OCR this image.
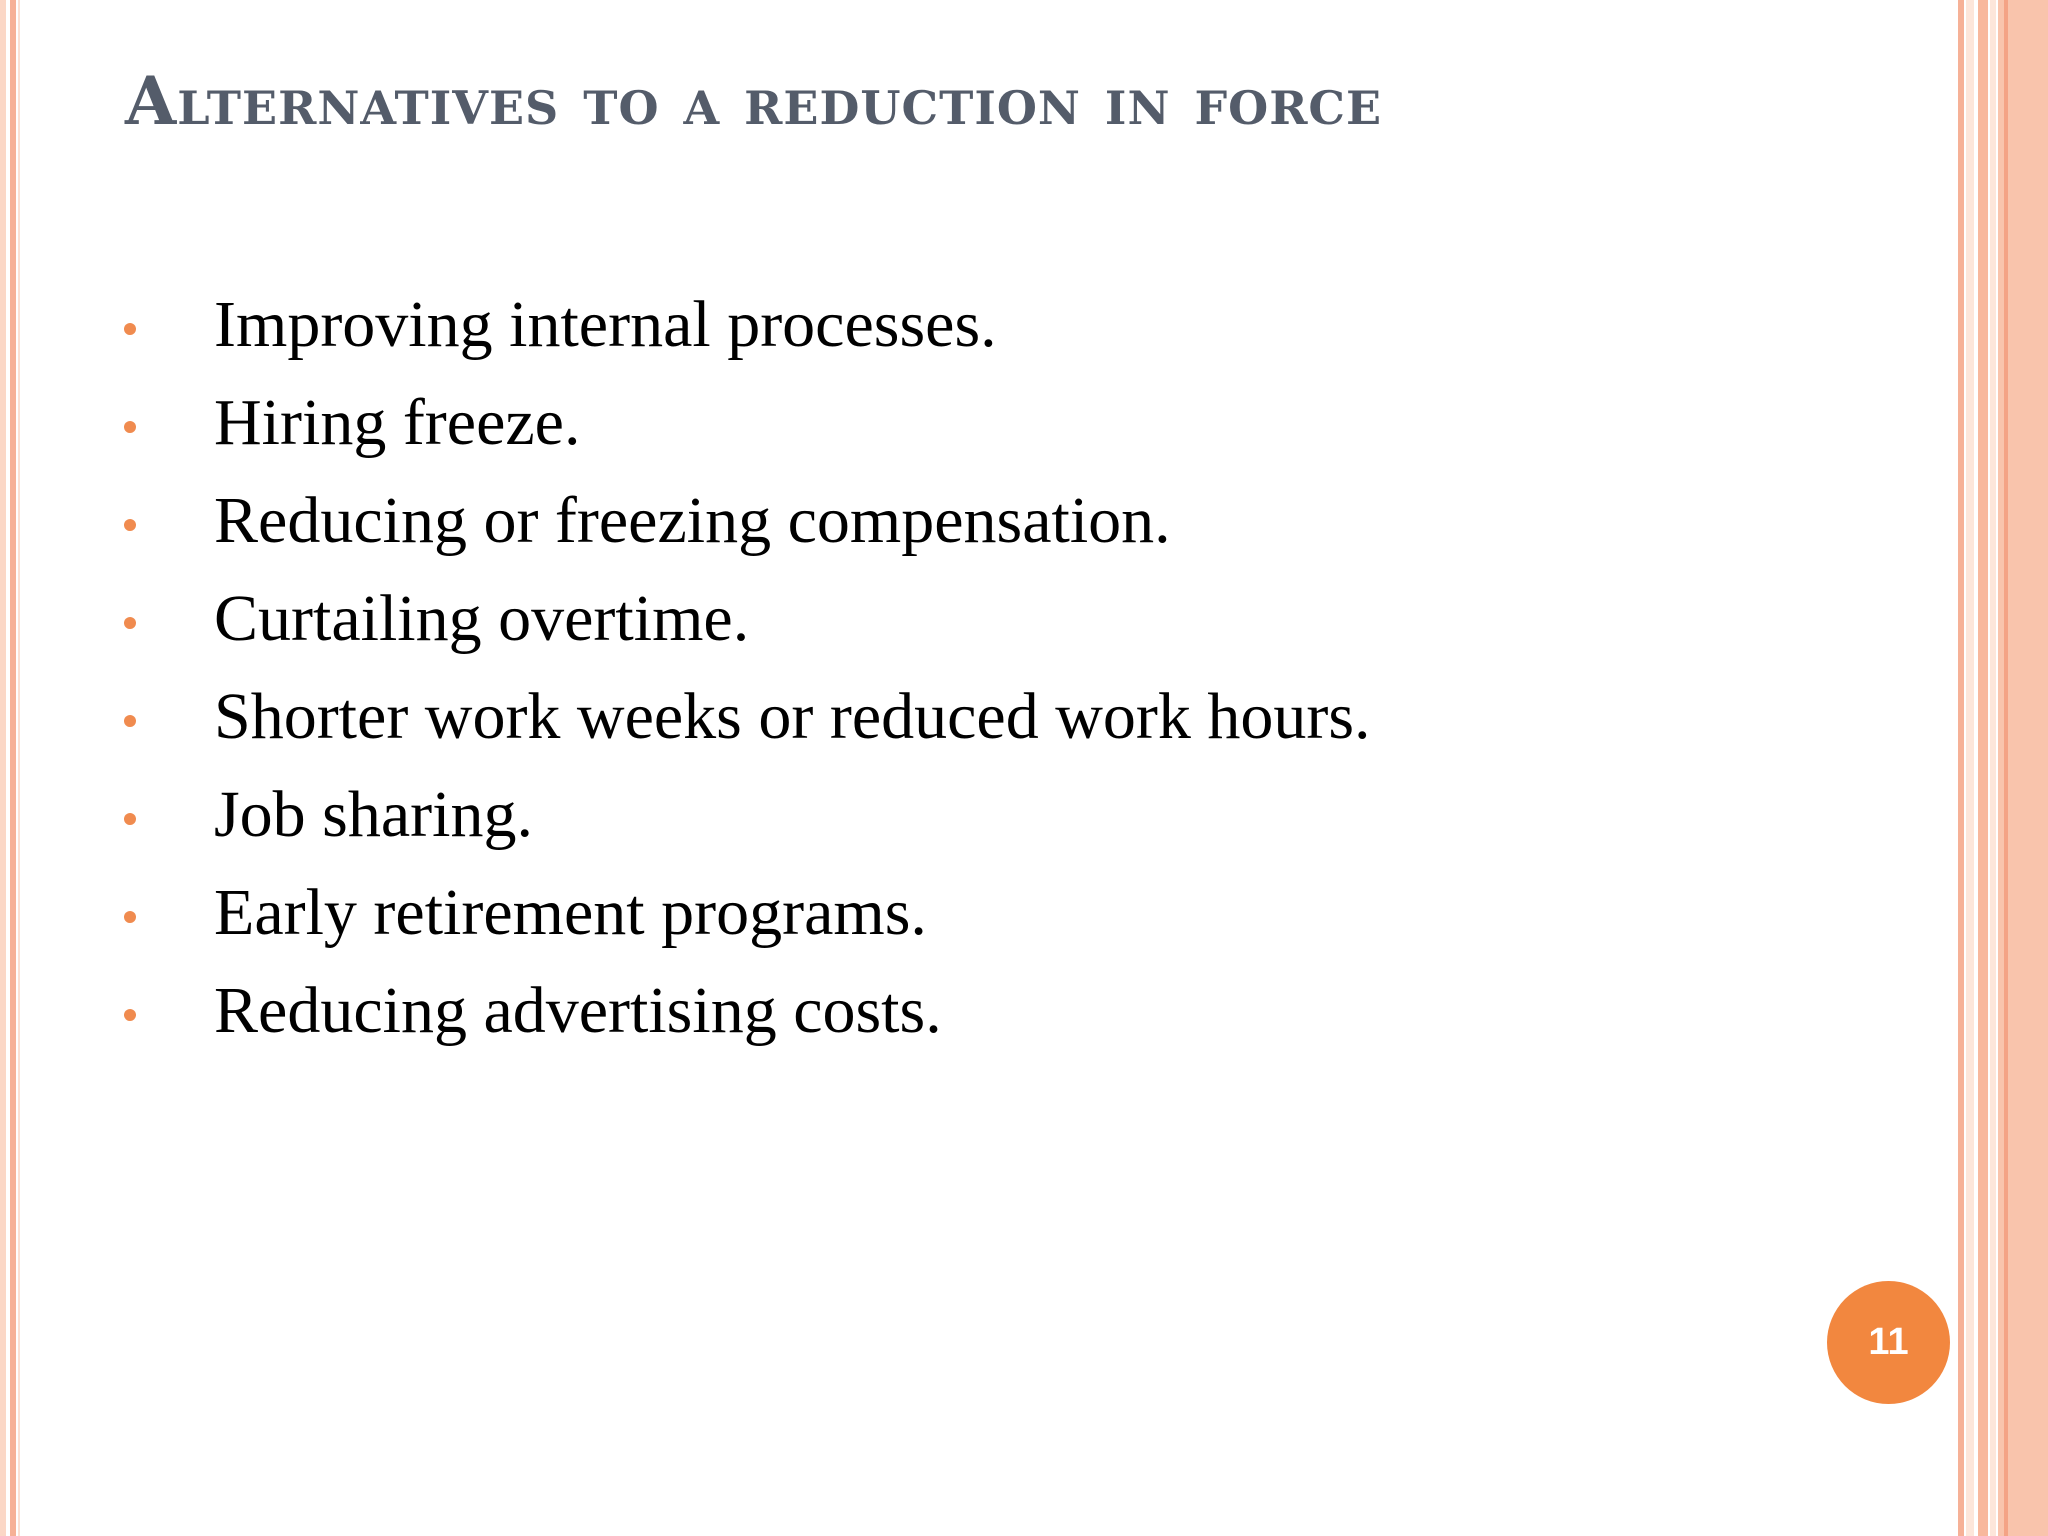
Alternatives to a reduction in force
Improving internal processes.
Hiring freeze.
Reducing or freezing compensation.
Curtailing overtime.
Shorter work weeks or reduced work hours.
Job sharing.
Early retirement programs.
Reducing advertising costs.
11
